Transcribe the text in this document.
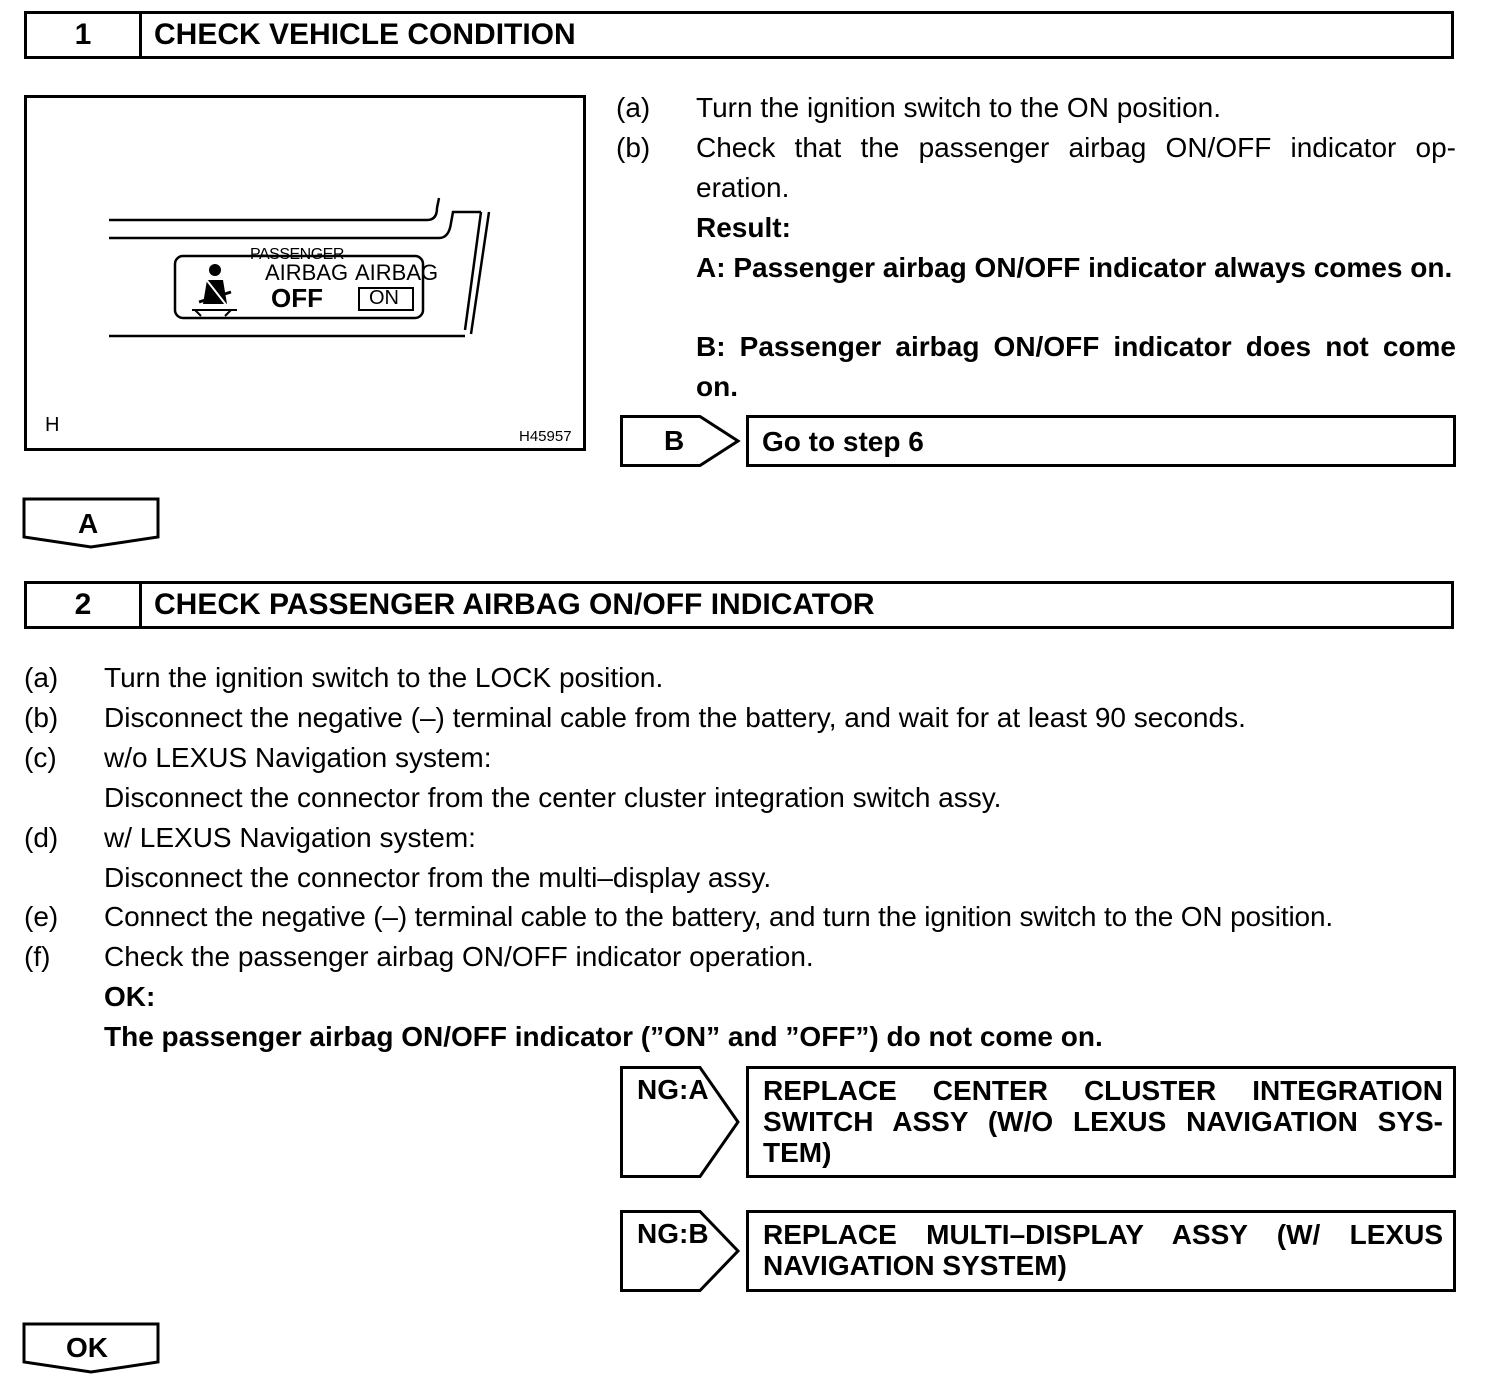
1	CHECK VEHICLE CONDITION
PASSENGER
AIRBAG
OFF
AIRBAG
ON
H
H45957
(a) Turn the ignition switch to the ON position.
(b) Check that the passenger airbag ON/OFF indicator op-eration.
Result:
A: Passenger airbag ON/OFF indicator always comes on.
B: Passenger airbag ON/OFF indicator does not come on.
B	Go to step 6
A
2	CHECK PASSENGER AIRBAG ON/OFF INDICATOR
(a) Turn the ignition switch to the LOCK position.
(b) Disconnect the negative (–) terminal cable from the battery, and wait for at least 90 seconds.
(c) w/o LEXUS Navigation system:
Disconnect the connector from the center cluster integration switch assy.
(d) w/ LEXUS Navigation system:
Disconnect the connector from the multi–display assy.
(e) Connect the negative (–) terminal cable to the battery, and turn the ignition switch to the ON position.
(f) Check the passenger airbag ON/OFF indicator operation.
OK:
The passenger airbag ON/OFF indicator (”ON” and ”OFF”) do not come on.
NG:A REPLACE CENTER CLUSTER INTEGRATION SWITCH ASSY (W/O LEXUS NAVIGATION SYS-TEM)
NG:B REPLACE MULTI–DISPLAY ASSY (W/ LEXUS NAVIGATION SYSTEM)
OK
